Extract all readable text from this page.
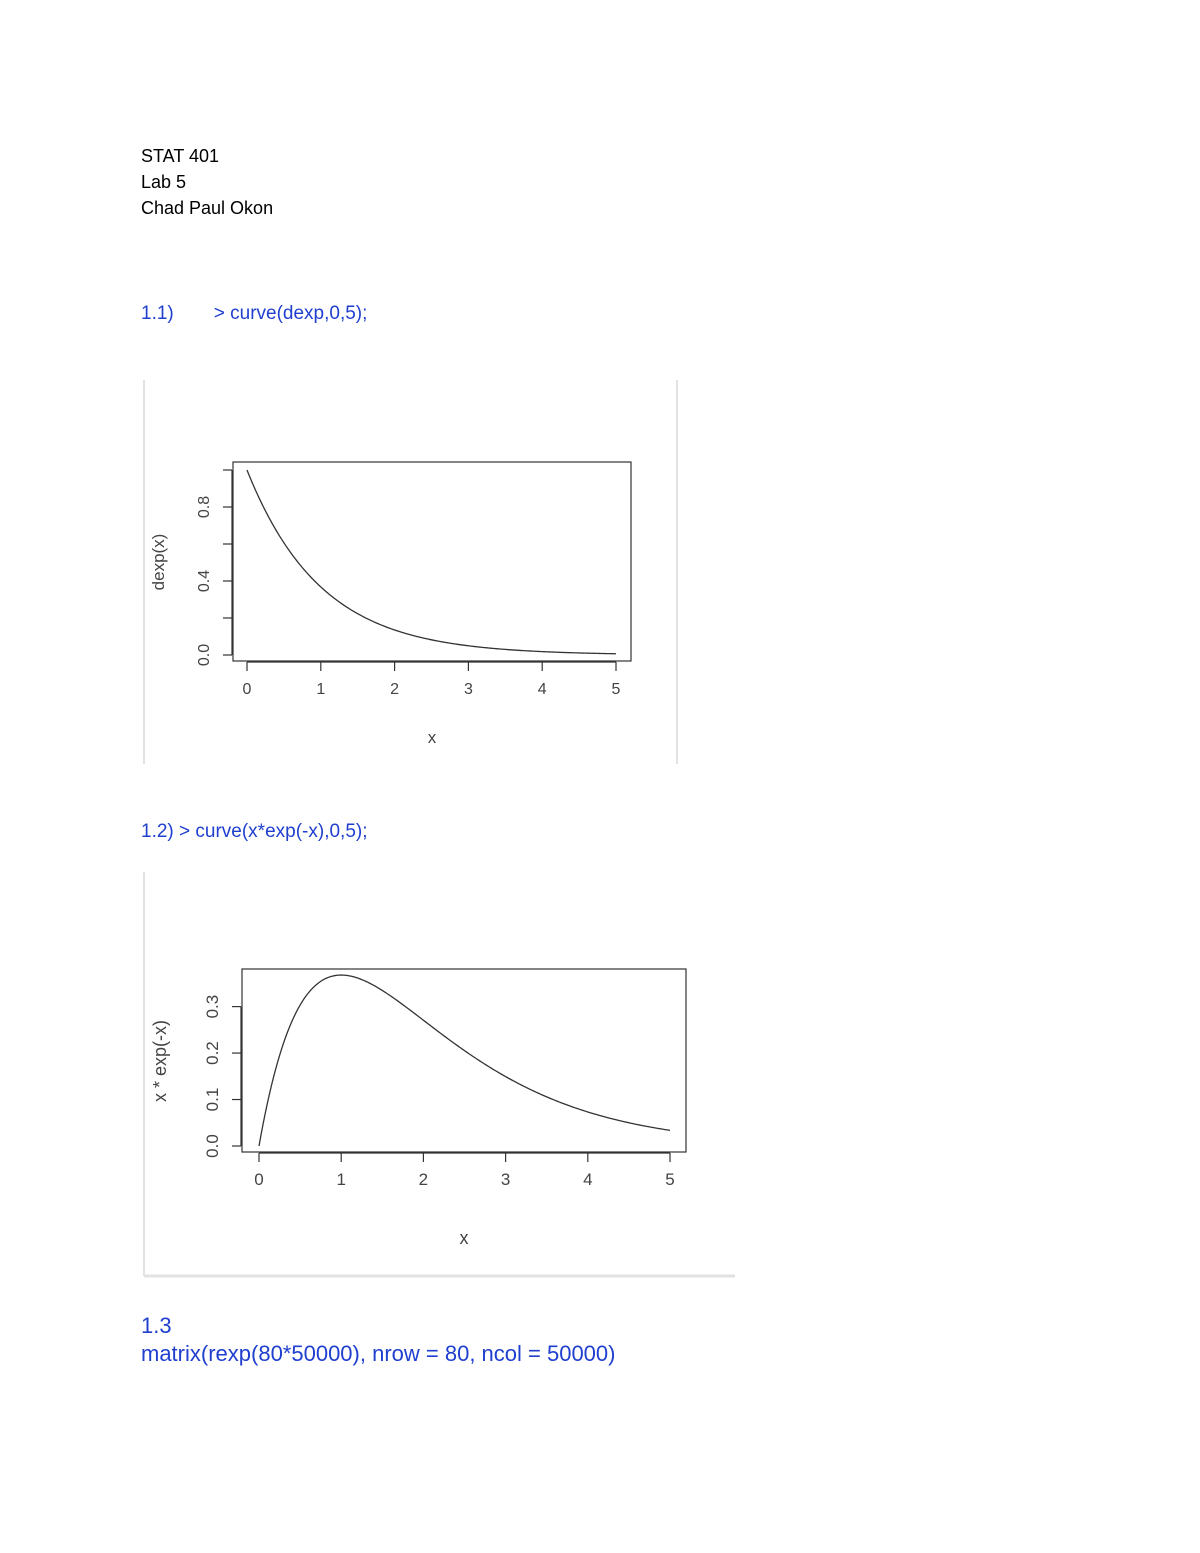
STAT 401
Lab 5
Chad Paul Okon
1.1) > curve(dexp,0,5);
0	1	2	3	4	5
0.0
0.4
0.8
x
dexp(x)
1.2) > curve(x*exp(-x),0,5);
0	1	2	3	4	5
0.0
0.1
0.2
0.3
x
x * exp(-x)
1.3
matrix(rexp(80*50000), nrow = 80, ncol = 50000)
